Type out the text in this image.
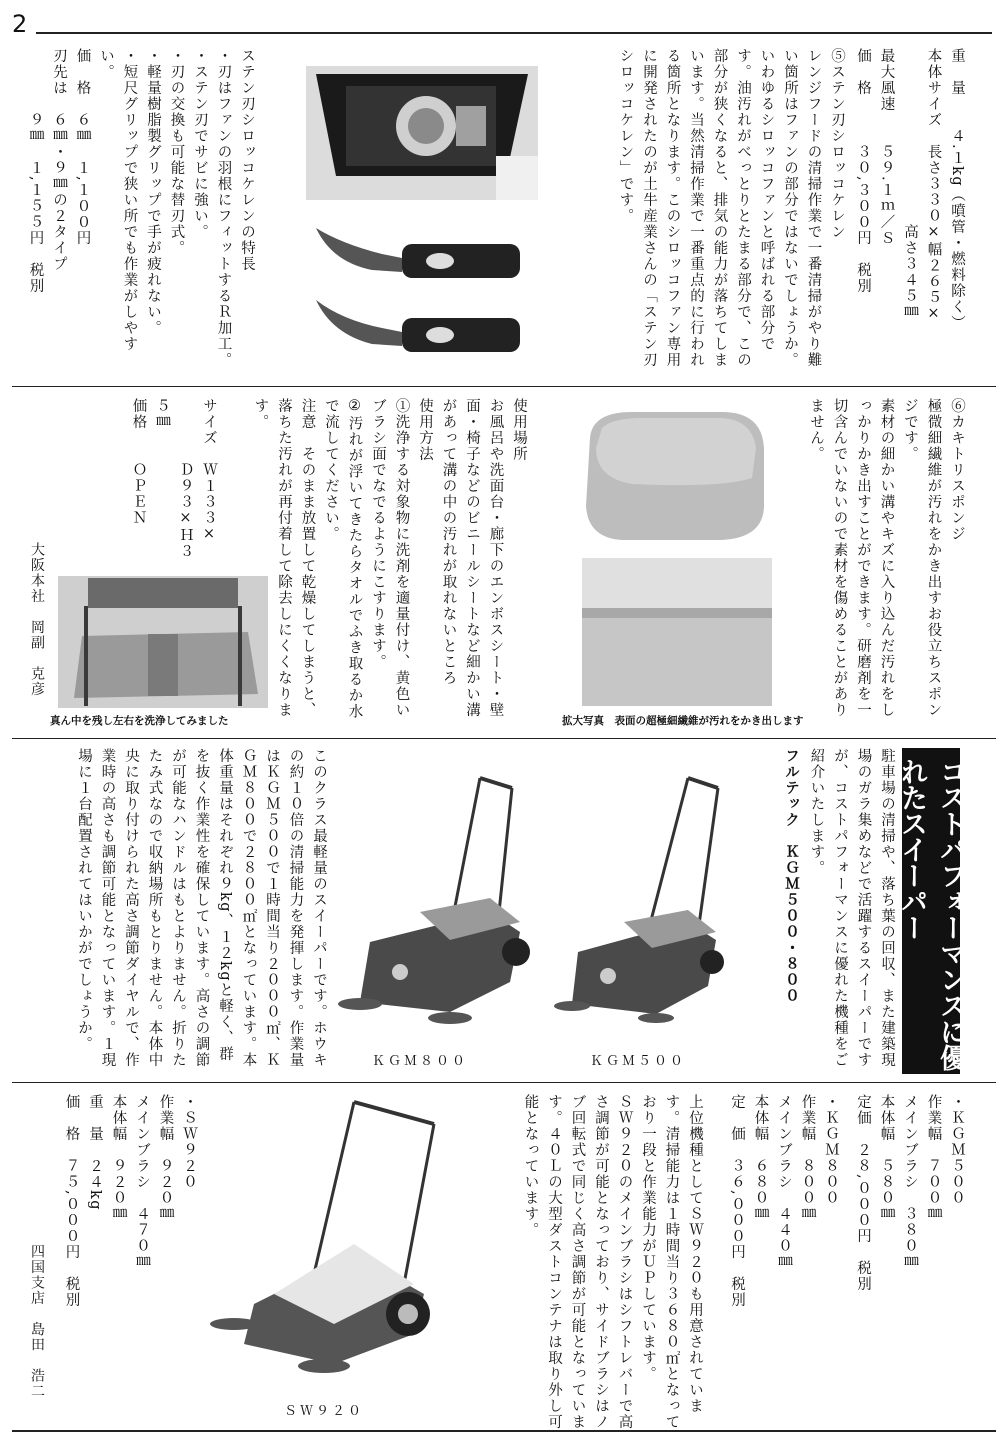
2
重　量　　４.１kg（噴管・燃料除く）
本体サイズ　長さ３３０×幅２６５×
　　　　　　　　　　　高さ３４５㎜
最大風速　　５９.１ｍ／Ｓ
価　格　　　３０,３００円　税別
⑤ステン刃シロッコケレン
レンジフードの清掃作業で一番清掃がやり難い箇所はファンの部分ではないでしょうか。いわゆるシロッコファンと呼ばれる部分です。油汚れがべっとりとたまる部分で、この部分が狭くなると、排気の能力が落ちてしまいます。当然清掃作業で一番重点的に行われる箇所となります。このシロッコファン専用に開発されたのが土牛産業さんの「ステン刃シロッコケレン」です。
ステン刃シロッコケレンの特長
・刃はファンの羽根にフィットするＲ加工。
・ステン刃でサビに強い。
・刃の交換も可能な替刃式。
・軽量樹脂製グリップで手が疲れない。
・短尺グリップで狭い所でも作業がしやすい。
価　格　６㎜　１,１００円
刃先は　６㎜・９㎜の２タイプ
　　　　９㎜　１,１５５円　税別
⑥カキトリスポンジ
極微細繊維が汚れをかき出すお役立ちスポンジです。
素材の細かい溝やキズに入り込んだ汚れをしっかりかき出すことができます。研磨剤を一切含んでいないので素材を傷めることがありません。
拡大写真　表面の超極細繊維が汚れをかき出します
使用場所
お風呂や洗面台・廊下のエンボスシート・壁面・椅子などのビニールシートなど細かい溝があって溝の中の汚れが取れないところ
使用方法
①洗浄する対象物に洗剤を適量付け、黄色いブラシ面でなでるようにこすります。
②汚れが浮いてきたらタオルでふき取るか水で流してください。
注意　そのまま放置して乾燥してしまうと、落ちた汚れが再付着して除去しにくくなります。
サイズ　Ｗ１３３×
　　　　Ｄ９３×Ｈ３５㎜
価格　　ＯＰＥＮ
真ん中を残し左右を洗浄してみました
大阪本社　岡副　克彦
コストパフォーマンスに優れたスイーパー
駐車場の清掃や、落ち葉の回収、また建築現場のガラ集めなどで活躍するスイーパーですが、コストパフォーマンスに優れた機種をご紹介いたします。
フルテック　ＫＧＭ５００・８００
ＫＧＭ８００	ＫＧＭ５００
このクラス最軽量のスイーパーです。ホウキの約１０倍の清掃能力を発揮します。作業量はＫＧＭ５００で１時間当り２０００㎡、ＫＧＭ８００で２８００㎡となっています。本体重量はそれぞれ９kg、１２kgと軽く、群を抜く作業性を確保しています。高さの調節が可能なハンドルはもとよりません。折りたたみ式なので収納場所もとりません。本体中央に取り付けられた高さ調節ダイヤルで、作業時の高さも調節可能となっています。１現場に１台配置されてはいかがでしょうか。
・ＫＧＭ５００
作業幅　７００㎜
メインブラシ　３８０㎜
本体幅　５８０㎜
定価　２８,０００円　税別
・ＫＧＭ８００
作業幅　８００㎜
メインブラシ　４４０㎜
本体幅　６８０㎜
定　価　３６,０００円　税別
上位機種としてＳＷ９２０も用意されています。清掃能力は１時間当り３６８０㎡となっており一段と作業能力がＵＰしています。
ＳＷ９２０のメインブラシはシフトレバーで高さ調節が可能となっており、サイドブラシはノブ回転式で同じく高さ調節が可能となっています。４０Ｌの大型ダストコンテナは取り外し可能となっています。
ＳＷ９２０
・ＳＷ９２０
作業幅　９２０㎜
メインブラシ　４７０㎜
本体幅　９２０㎜
重　量　２４kg
価　格　７５,０００円　税別
四国支店　島田　浩二
